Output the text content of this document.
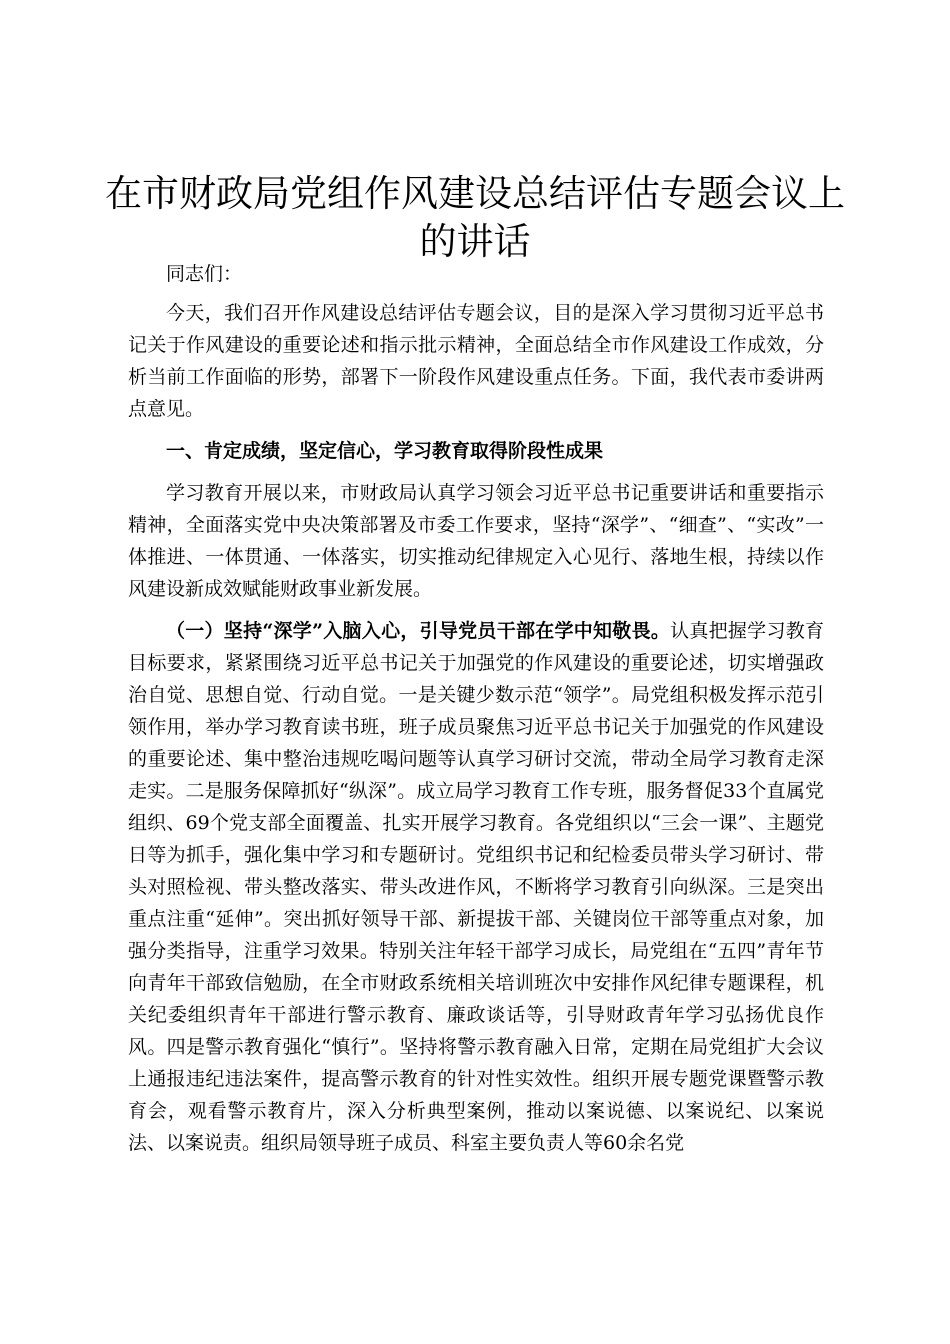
在市财政局党组作风建设总结评估专题会议上的讲话

同志们：

今天，我们召开作风建设总结评估专题会议，目的是深入学习贯彻习近平总书记关于作风建设的重要论述和指示批示精神，全面总结全市作风建设工作成效，分析当前工作面临的形势，部署下一阶段作风建设重点任务。下面，我代表市委讲两点意见。

一、肯定成绩，坚定信心，学习教育取得阶段性成果

学习教育开展以来，市财政局认真学习领会习近平总书记重要讲话和重要指示精神，全面落实党中央决策部署及市委工作要求，坚持“深学”、“细查”、“实改”一体推进、一体贯通、一体落实，切实推动纪律规定入心见行、落地生根，持续以作风建设新成效赋能财政事业新发展。

（一）坚持“深学”入脑入心，引导党员干部在学中知敬畏。认真把握学习教育目标要求，紧紧围绕习近平总书记关于加强党的作风建设的重要论述，切实增强政治自觉、思想自觉、行动自觉。一是关键少数示范“领学”。局党组积极发挥示范引领作用，举办学习教育读书班，班子成员聚焦习近平总书记关于加强党的作风建设的重要论述、集中整治违规吃喝问题等认真学习研讨交流，带动全局学习教育走深走实。二是服务保障抓好“纵深”。成立局学习教育工作专班，服务督促33个直属党组织、69个党支部全面覆盖、扎实开展学习教育。各党组织以“三会一课”、主题党日等为抓手，强化集中学习和专题研讨。党组织书记和纪检委员带头学习研讨、带头对照检视、带头整改落实、带头改进作风，不断将学习教育引向纵深。三是突出重点注重“延伸”。突出抓好领导干部、新提拔干部、关键岗位干部等重点对象，加强分类指导，注重学习效果。特别关注年轻干部学习成长，局党组在“五四”青年节向青年干部致信勉励，在全市财政系统相关培训班次中安排作风纪律专题课程，机关纪委组织青年干部进行警示教育、廉政谈话等，引导财政青年学习弘扬优良作风。四是警示教育强化“慎行”。坚持将警示教育融入日常，定期在局党组扩大会议上通报违纪违法案件，提高警示教育的针对性实效性。组织开展专题党课暨警示教育会，观看警示教育片，深入分析典型案例，推动以案说德、以案说纪、以案说法、以案说责。组织局领导班子成员、科室主要负责人等60余名党
